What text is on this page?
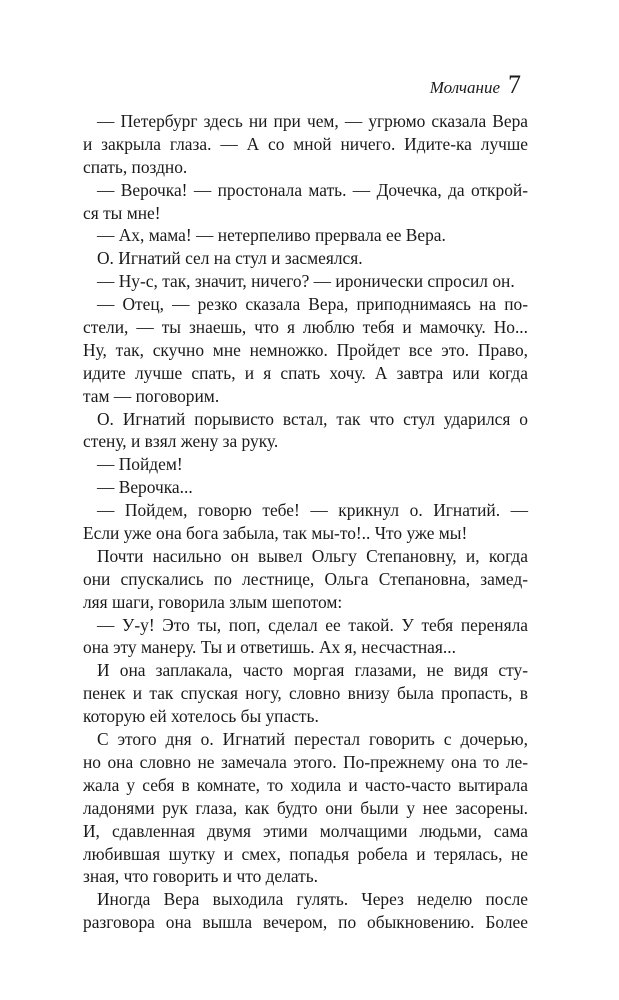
Молчание 7
— Петербург здесь ни при чем, — угрюмо сказала Вера
и закрыла глаза. — А со мной ничего. Идите-ка лучше
спать, поздно.
— Верочка! — простонала мать. — Дочечка, да открой-
ся ты мне!
— Ах, мама! — нетерпеливо прервала ее Вера.
О. Игнатий сел на стул и засмеялся.
— Ну-с, так, значит, ничего? — иронически спросил он.
— Отец, — резко сказала Вера, приподнимаясь на по-
стели, — ты знаешь, что я люблю тебя и мамочку. Но...
Ну, так, скучно мне немножко. Пройдет все это. Право,
идите лучше спать, и я спать хочу. А завтра или когда
там — поговорим.
О. Игнатий порывисто встал, так что стул ударился о
стену, и взял жену за руку.
— Пойдем!
— Верочка...
— Пойдем, говорю тебе! — крикнул о. Игнатий. —
Если уже она бога забыла, так мы-то!.. Что уже мы!
Почти насильно он вывел Ольгу Степановну, и, когда
они спускались по лестнице, Ольга Степановна, замед-
ляя шаги, говорила злым шепотом:
— У-у! Это ты, поп, сделал ее такой. У тебя переняла
она эту манеру. Ты и ответишь. Ах я, несчастная...
И она заплакала, часто моргая глазами, не видя сту-
пенек и так спуская ногу, словно внизу была пропасть, в
которую ей хотелось бы упасть.
С этого дня о. Игнатий перестал говорить с дочерью,
но она словно не замечала этого. По-прежнему она то ле-
жала у себя в комнате, то ходила и часто-часто вытирала
ладонями рук глаза, как будто они были у нее засорены.
И, сдавленная двумя этими молчащими людьми, сама
любившая шутку и смех, попадья робела и терялась, не
зная, что говорить и что делать.
Иногда Вера выходила гулять. Через неделю после
разговора она вышла вечером, по обыкновению. Более
